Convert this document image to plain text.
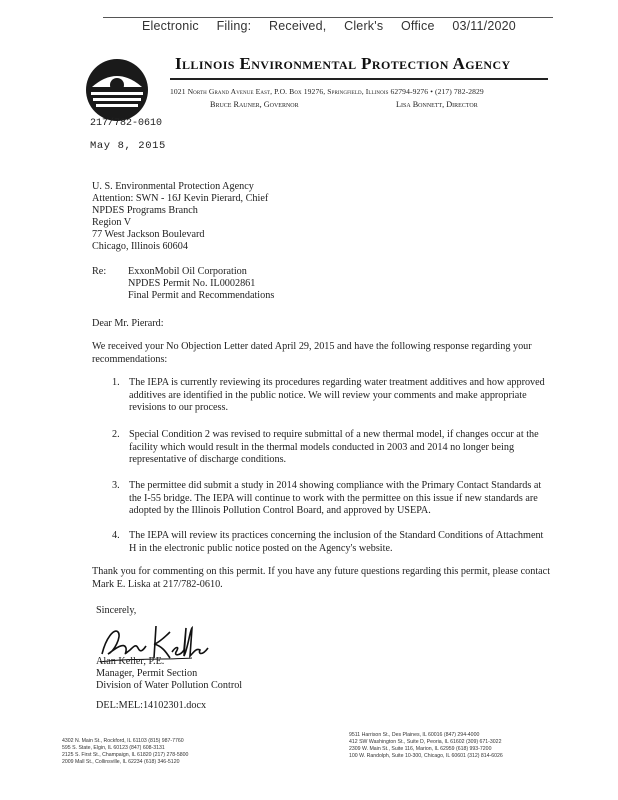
Electronic Filing: Received, Clerk's Office 03/11/2020
Illinois Environmental Protection Agency
1021 North Grand Avenue East, P.O. Box 19276, Springfield, Illinois 62794-9276 • (217) 782-2829
Bruce Rauner, Governor	Lisa Bonnett, Director
217/782-0610
May 8, 2015
U. S. Environmental Protection Agency
Attention: SWN - 16J Kevin Pierard, Chief
NPDES Programs Branch
Region V
77 West Jackson Boulevard
Chicago, Illinois 60604
Re: ExxonMobil Oil Corporation
NPDES Permit No. IL0002861
Final Permit and Recommendations
Dear Mr. Pierard:
We received your No Objection Letter dated April 29, 2015 and have the following response regarding your recommendations:
1. The IEPA is currently reviewing its procedures regarding water treatment additives and how approved additives are identified in the public notice. We will review your comments and make appropriate revisions to our process.
2. Special Condition 2 was revised to require submittal of a new thermal model, if changes occur at the facility which would result in the thermal models conducted in 2003 and 2014 no longer being representative of discharge conditions.
3. The permittee did submit a study in 2014 showing compliance with the Primary Contact Standards at the I-55 bridge. The IEPA will continue to work with the permittee on this issue if new standards are adopted by the Illinois Pollution Control Board, and approved by USEPA.
4. The IEPA will review its practices concerning the inclusion of the Standard Conditions of Attachment H in the electronic public notice posted on the Agency's website.
Thank you for commenting on this permit. If you have any future questions regarding this permit, please contact Mark E. Liska at 217/782-0610.
Sincerely,
Alan Keller, P.E.
Manager, Permit Section
Division of Water Pollution Control
DEL:MEL:14102301.docx
4302 N. Main St., Rockford, IL 61103 (815) 987-7760
595 S. State, Elgin, IL 60123 (847) 608-3131
2125 S. First St., Champaign, IL 61820 (217) 278-5800
2009 Mall St., Collinsville, IL 62234 (618) 346-5120
9511 Harrison St., Des Plaines, IL 60016 (847) 294-4000
412 SW Washington St., Suite D, Peoria, IL 61602 (309) 671-3022
2309 W. Main St., Suite 116, Marion, IL 62959 (618) 993-7200
100 W. Randolph, Suite 10-300, Chicago, IL 60601 (312) 814-6026
